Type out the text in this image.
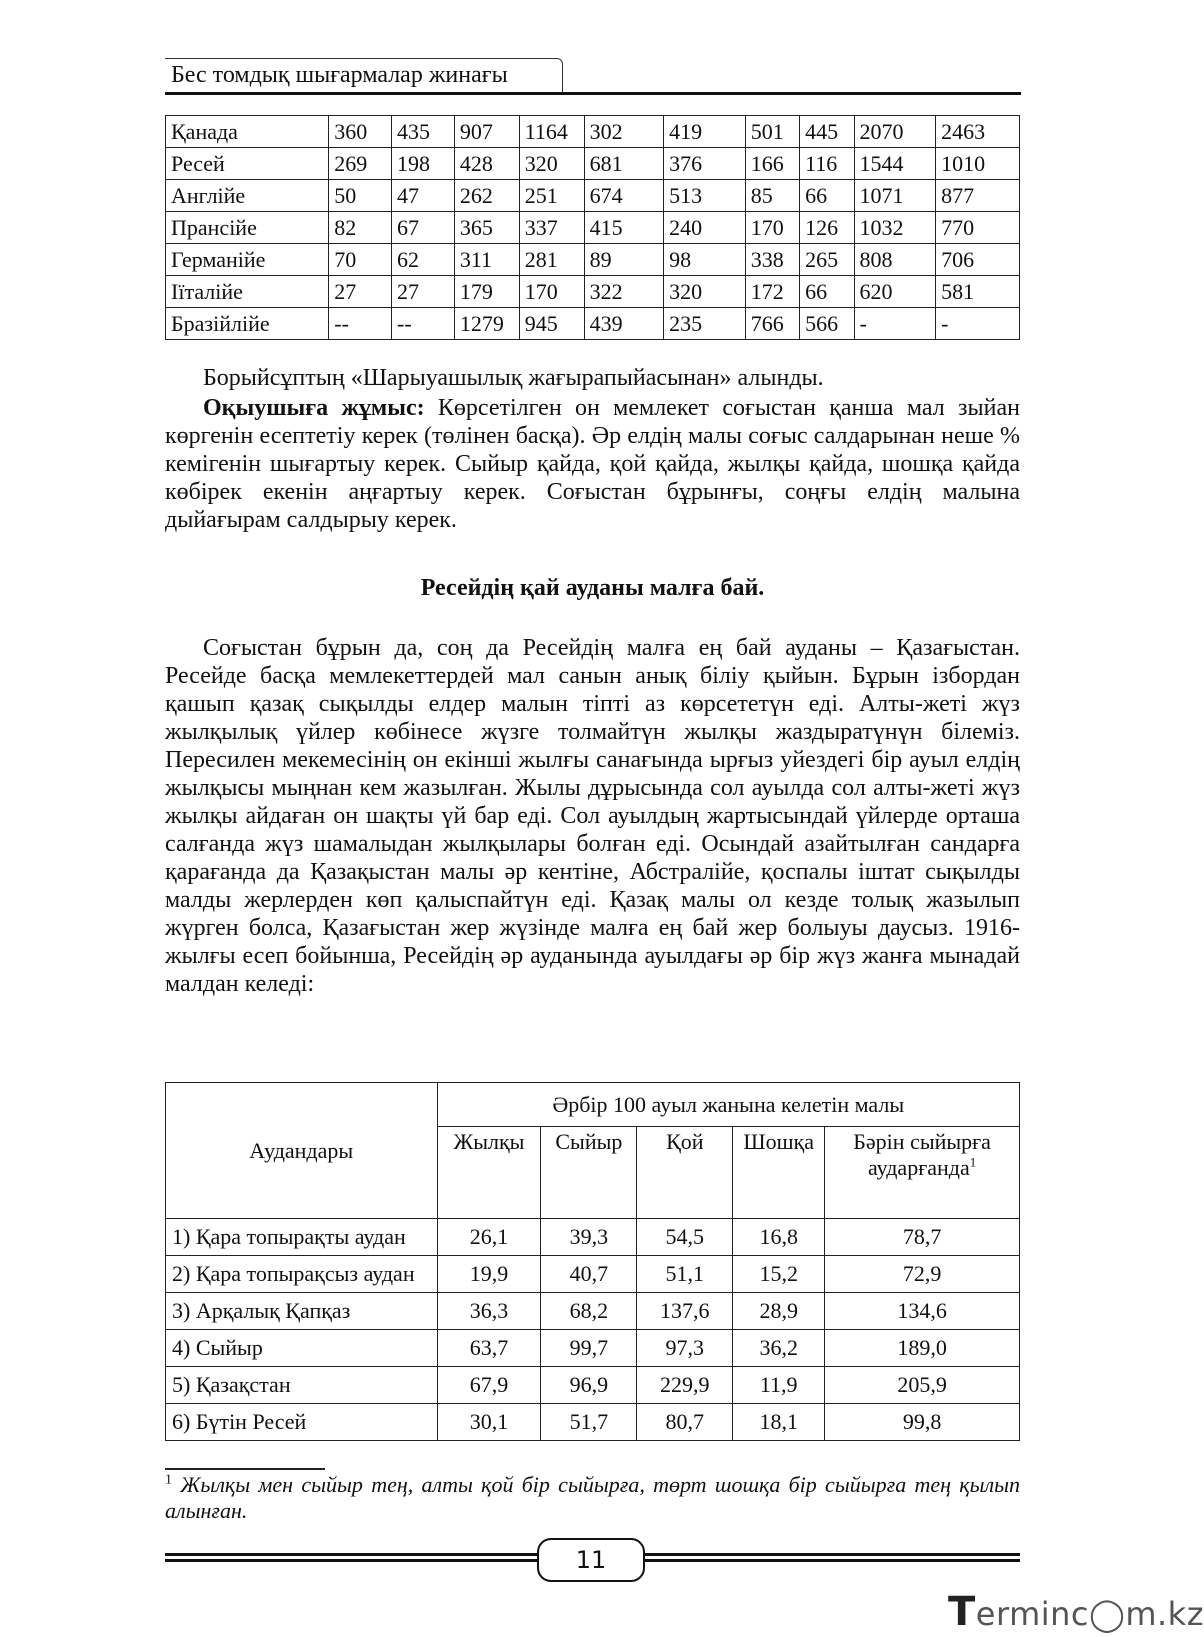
Бес томдық шығармалар жинағы
Қанада	360	435	907	1164	302	419	501	445	2070	2463
Ресей	269	198	428	320	681	376	166	116	1544	1010
Англійе	50	47	262	251	674	513	85	66	1071	877
Прансійе	82	67	365	337	415	240	170	126	1032	770
Германійе	70	62	311	281	89	98	338	265	808	706
Іїталійе	27	27	179	170	322	320	172	66	620	581
Бразійлійе	--	--	1279	945	439	235	766	566	-	-

Борыйсұптың «Шарыуашылық жағырапыйасынан» алынды.

Оқыушыға жұмыс: Көрсетілген он мемлекет соғыстан қанша мал зыйан көргенін есептетіу керек (төлінен басқа). Әр елдің малы соғыс салдарынан неше % кемігенін шығартыу керек. Сыйыр қайда, қой қайда, жылқы қайда, шошқа қайда көбірек екенін аңғартыу керек. Соғыстан бұрынғы, соңғы елдің малына дыйағырам салдырыу керек.

Ресейдің қай ауданы малға бай.

Соғыстан бұрын да, соң да Ресейдің малға ең бай ауданы – Қазағыстан. Ресейде басқа мемлекеттердей мал санын анық біліу қыйын. Бұрын ізбордан қашып қазақ сықылды елдер малын тіпті аз көрсететүн еді. Алты-жеті жүз жылқылық үйлер көбінесе жүзге толмайтүн жылқы жаздыратүнүн білеміз. Пересилен мекемесінің он екінші жылғы санағында ырғыз уйездегі бір ауыл елдің жылқысы мыңнан кем жазылған. Жылы дұрысында сол ауылда сол алты-жеті жүз жылқы айдаған он шақты үй бар еді. Сол ауылдың жартысындай үйлерде орташа салғанда жүз шамалыдан жылқылары болған еді. Осындай азайтылған сандарға қарағанда да Қазақыстан малы әр кентіне, Абстралійе, қоспалы іштат сықылды малды жерлерден көп қалыспайтүн еді. Қазақ малы ол кезде толық жазылып жүрген болса, Қазағыстан жер жүзінде малға ең бай жер болыуы даусыз. 1916-жылғы есеп бойынша, Ресейдің әр ауданында ауылдағы әр бір жүз жанға мынадай малдан келеді:

Аудандары	Әрбір 100 ауыл жанына келетін малы				
	Жылқы	Сыйыр	Қой	Шошқа	Бәрін сыйырға аударғанда$^1$
1) Қара топырақты аудан	26,1	39,3	54,5	16,8	78,7
2) Қара топырақсыз аудан	19,9	40,7	51,1	15,2	72,9
3) Арқалық Қапқаз	36,3	68,2	137,6	28,9	134,6
4) Сыйыр	63,7	99,7	97,3	36,2	189,0
5) Қазақстан	67,9	96,9	229,9	11,9	205,9
6) Бүтін Ресей	30,1	51,7	80,7	18,1	99,8

$^1$ Жылқы мен сыйыр тең, алты қой бір сыйырға, төрт шошқа бір сыйырға тең қылып алынған.

11
Terminc◯m.kz
